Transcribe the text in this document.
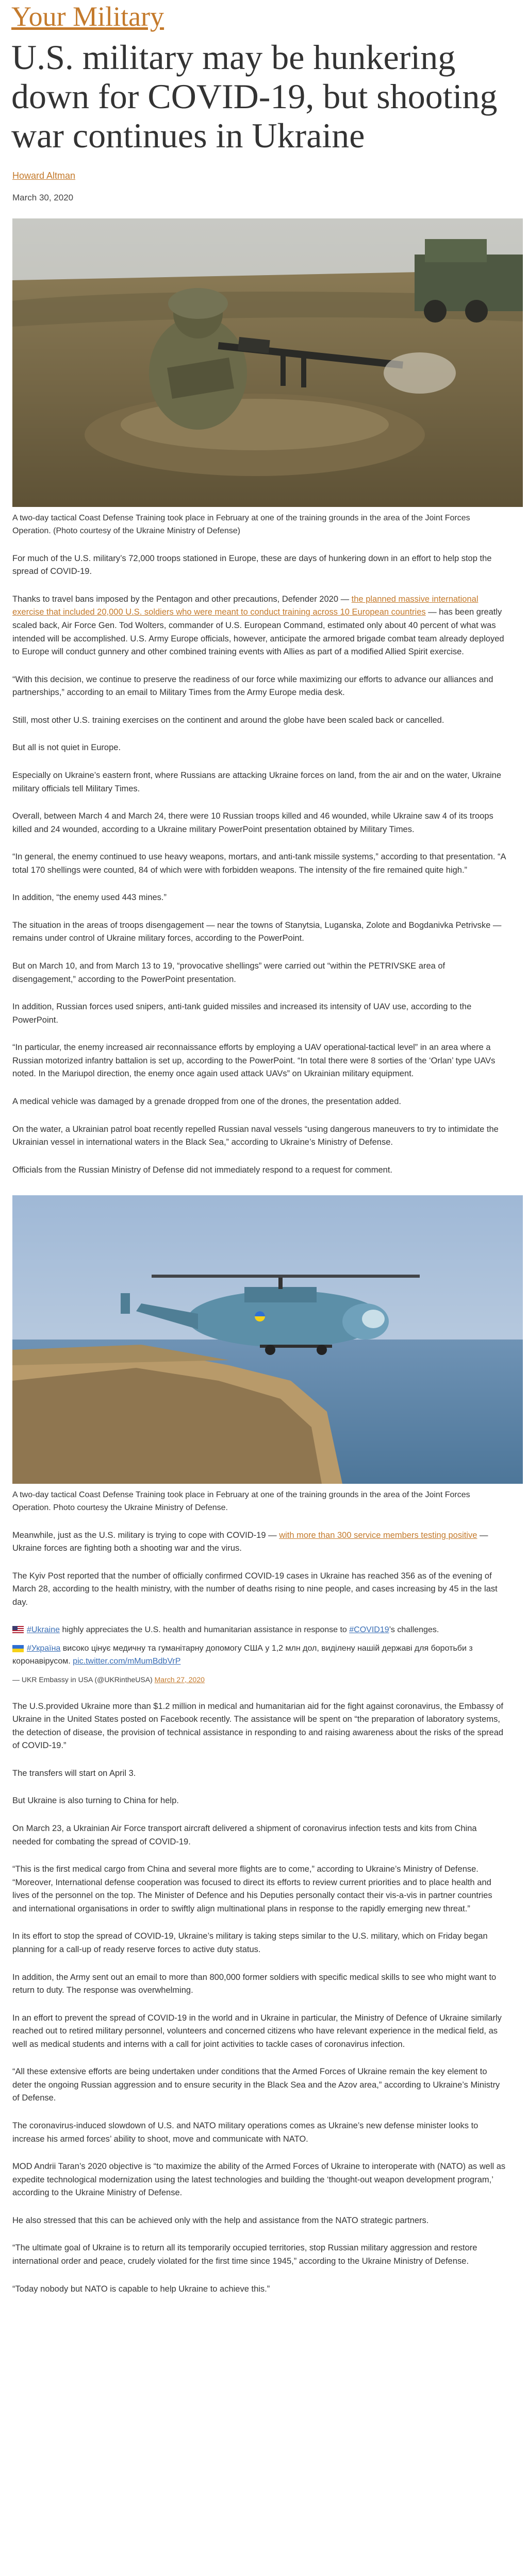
Your Military
U.S. military may be hunkering down for COVID-19, but shooting war continues in Ukraine
Howard Altman
March 30, 2020
A two-day tactical Coast Defense Training took place in February at one of the training grounds in the area of the Joint Forces Operation. (Photo courtesy of the Ukraine Ministry of Defense)

For much of the U.S. military’s 72,000 troops stationed in Europe, these are days of hunkering down in an effort to help stop the spread of COVID-19.

Thanks to travel bans imposed by the Pentagon and other precautions, Defender 2020 — the planned massive international exercise that included 20,000 U.S. soldiers who were meant to conduct training across 10 European countries — has been greatly scaled back, Air Force Gen. Tod Wolters, commander of U.S. European Command, estimated only about 40 percent of what was intended will be accomplished. U.S. Army Europe officials, however, anticipate the armored brigade combat team already deployed to Europe will conduct gunnery and other combined training events with Allies as part of a modified Allied Spirit exercise.

“With this decision, we continue to preserve the readiness of our force while maximizing our efforts to advance our alliances and partnerships,” according to an email to Military Times from the Army Europe media desk.

Still, most other U.S. training exercises on the continent and around the globe have been scaled back or cancelled.

But all is not quiet in Europe.

Especially on Ukraine’s eastern front, where Russians are attacking Ukraine forces on land, from the air and on the water, Ukraine military officials tell Military Times.

Overall, between March 4 and March 24, there were 10 Russian troops killed and 46 wounded, while Ukraine saw 4 of its troops killed and 24 wounded, according to a Ukraine military PowerPoint presentation obtained by Military Times.

“In general, the enemy continued to use heavy weapons, mortars, and anti-tank missile systems,” according to that presentation. “A total 170 shellings were counted, 84 of which were with forbidden weapons. The intensity of the fire remained quite high.”

In addition, “the enemy used 443 mines.”

The situation in the areas of troops disengagement — near the towns of Stanytsia, Luganska, Zolote and Bogdanivka Petrivske — remains under control of Ukraine military forces, according to the PowerPoint.

But on March 10, and from March 13 to 19, “provocative shellings” were carried out “within the PETRIVSKE area of disengagement,” according to the PowerPoint presentation.

In addition, Russian forces used snipers, anti-tank guided missiles and increased its intensity of UAV use, according to the PowerPoint.

“In particular, the enemy increased air reconnaissance efforts by employing a UAV operational-tactical level” in an area where a Russian motorized infantry battalion is set up, according to the PowerPoint. “In total there were 8 sorties of the ‘Orlan’ type UAVs noted. In the Mariupol direction, the enemy once again used attack UAVs” on Ukrainian military equipment.

A medical vehicle was damaged by a grenade dropped from one of the drones, the presentation added.

On the water, a Ukrainian patrol boat recently repelled Russian naval vessels “using dangerous maneuvers to try to intimidate the Ukrainian vessel in international waters in the Black Sea,” according to Ukraine’s Ministry of Defense.

Officials from the Russian Ministry of Defense did not immediately respond to a request for comment.

A two-day tactical Coast Defense Training took place in February at one of the training grounds in the area of the Joint Forces Operation. Photo courtesy the Ukraine Ministry of Defense.

Meanwhile, just as the U.S. military is trying to cope with COVID-19 — with more than 300 service members testing positive — Ukraine forces are fighting both a shooting war and the virus.

The Kyiv Post reported that the number of officially confirmed COVID-19 cases in Ukraine has reached 356 as of the evening of March 28, according to the health ministry, with the number of deaths rising to nine people, and cases increasing by 45 in the last day.

#Ukraine highly appreciates the U.S. health and humanitarian assistance in response to #COVID19’s challenges.

#Україна високо цінує медичну та гуманітарну допомогу США у 1,2 млн дол, виділену нашій державі для боротьби з коронавірусом. pic.twitter.com/mMumBdbVrP

— UKR Embassy in USA (@UKRintheUSA) March 27, 2020

The U.S.provided Ukraine more than $1.2 million in medical and humanitarian aid for the fight against coronavirus, the Embassy of Ukraine in the United States posted on Facebook recently. The assistance will be spent on “the preparation of laboratory systems, the detection of disease, the provision of technical assistance in responding to and raising awareness about the risks of the spread of COVID-19.”

The transfers will start on April 3.

But Ukraine is also turning to China for help.

On March 23, a Ukrainian Air Force transport aircraft delivered a shipment of coronavirus infection tests and kits from China needed for combating the spread of COVID-19.

“This is the first medical cargo from China and several more flights are to come,” according to Ukraine’s Ministry of Defense. “Moreover, International defense cooperation was focused to direct its efforts to review current priorities and to place health and lives of the personnel on the top. The Minister of Defence and his Deputies personally contact their vis-a-vis in partner countries and international organisations in order to swiftly align multinational plans in response to the rapidly emerging new threat.”

In its effort to stop the spread of COVID-19, Ukraine’s military is taking steps similar to the U.S. military, which on Friday began planning for a call-up of ready reserve forces to active duty status.

In addition, the Army sent out an email to more than 800,000 former soldiers with specific medical skills to see who might want to return to duty. The response was overwhelming.

In an effort to prevent the spread of COVID-19 in the world and in Ukraine in particular, the Ministry of Defence of Ukraine similarly reached out to retired military personnel, volunteers and concerned citizens who have relevant experience in the medical field, as well as medical students and interns with a call for joint activities to tackle cases of coronavirus infection.

“All these extensive efforts are being undertaken under conditions that the Armed Forces of Ukraine remain the key element to deter the ongoing Russian aggression and to ensure security in the Black Sea and the Azov area,” according to Ukraine’s Ministry of Defense.

The coronavirus-induced slowdown of U.S. and NATO military operations comes as Ukraine’s new defense minister looks to increase his armed forces’ ability to shoot, move and communicate with NATO.

MOD Andrii Taran’s 2020 objective is “to maximize the ability of the Armed Forces of Ukraine to interoperate with (NATO) as well as expedite technological modernization using the latest technologies and building the ‘thought-out weapon development program,’ according to the Ukraine Ministry of Defense.

He also stressed that this can be achieved only with the help and assistance from the NATO strategic partners.

“The ultimate goal of Ukraine is to return all its temporarily occupied territories, stop Russian military aggression and restore international order and peace, crudely violated for the first time since 1945,” according to the Ukraine Ministry of Defense.

“Today nobody but NATO is capable to help Ukraine to achieve this.”
